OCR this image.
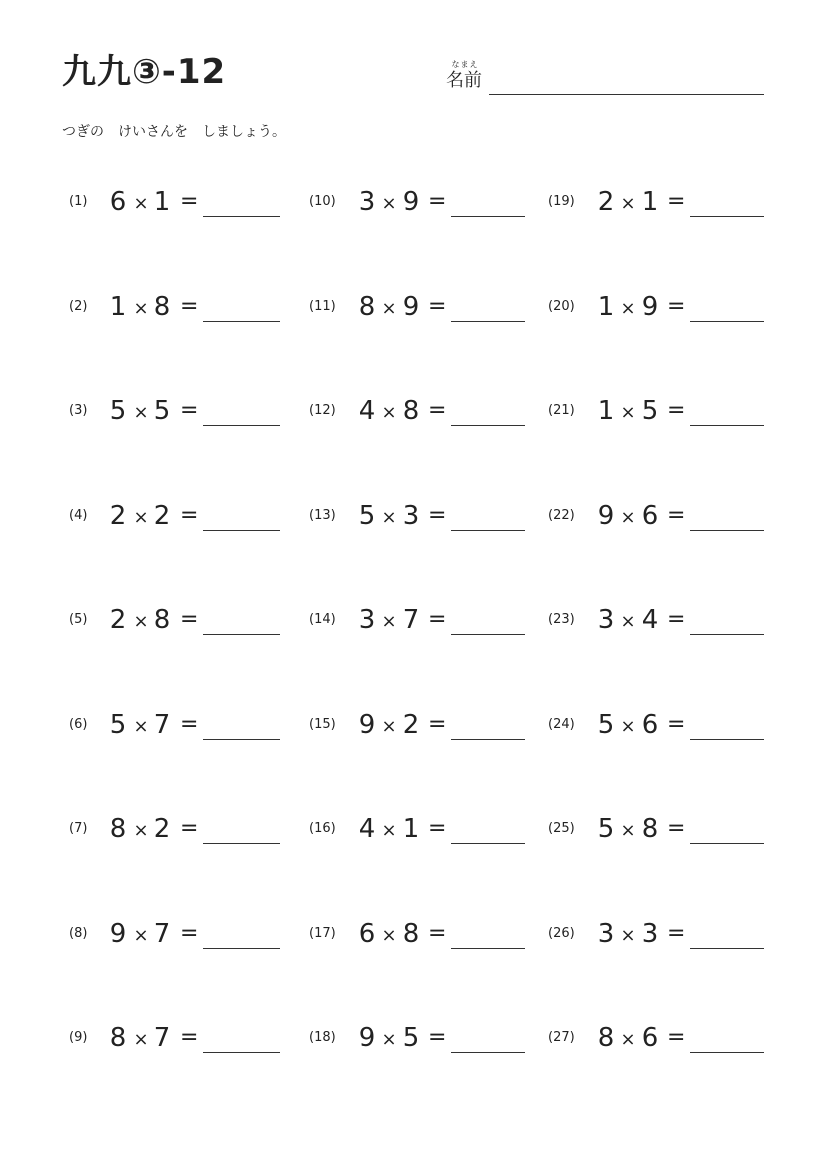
九九③-12	なまえ
名前
つぎの　けいさんを　しましょう。
(1) 6 × 1 =
(2) 1 × 8 =
(3) 5 × 5 =
(4) 2 × 2 =
(5) 2 × 8 =
(6) 5 × 7 =
(7) 8 × 2 =
(8) 9 × 7 =
(9) 8 × 7 =
(10) 3 × 9 =
(11) 8 × 9 =
(12) 4 × 8 =
(13) 5 × 3 =
(14) 3 × 7 =
(15) 9 × 2 =
(16) 4 × 1 =
(17) 6 × 8 =
(18) 9 × 5 =
(19) 2 × 1 =
(20) 1 × 9 =
(21) 1 × 5 =
(22) 9 × 6 =
(23) 3 × 4 =
(24) 5 × 6 =
(25) 5 × 8 =
(26) 3 × 3 =
(27) 8 × 6 =
